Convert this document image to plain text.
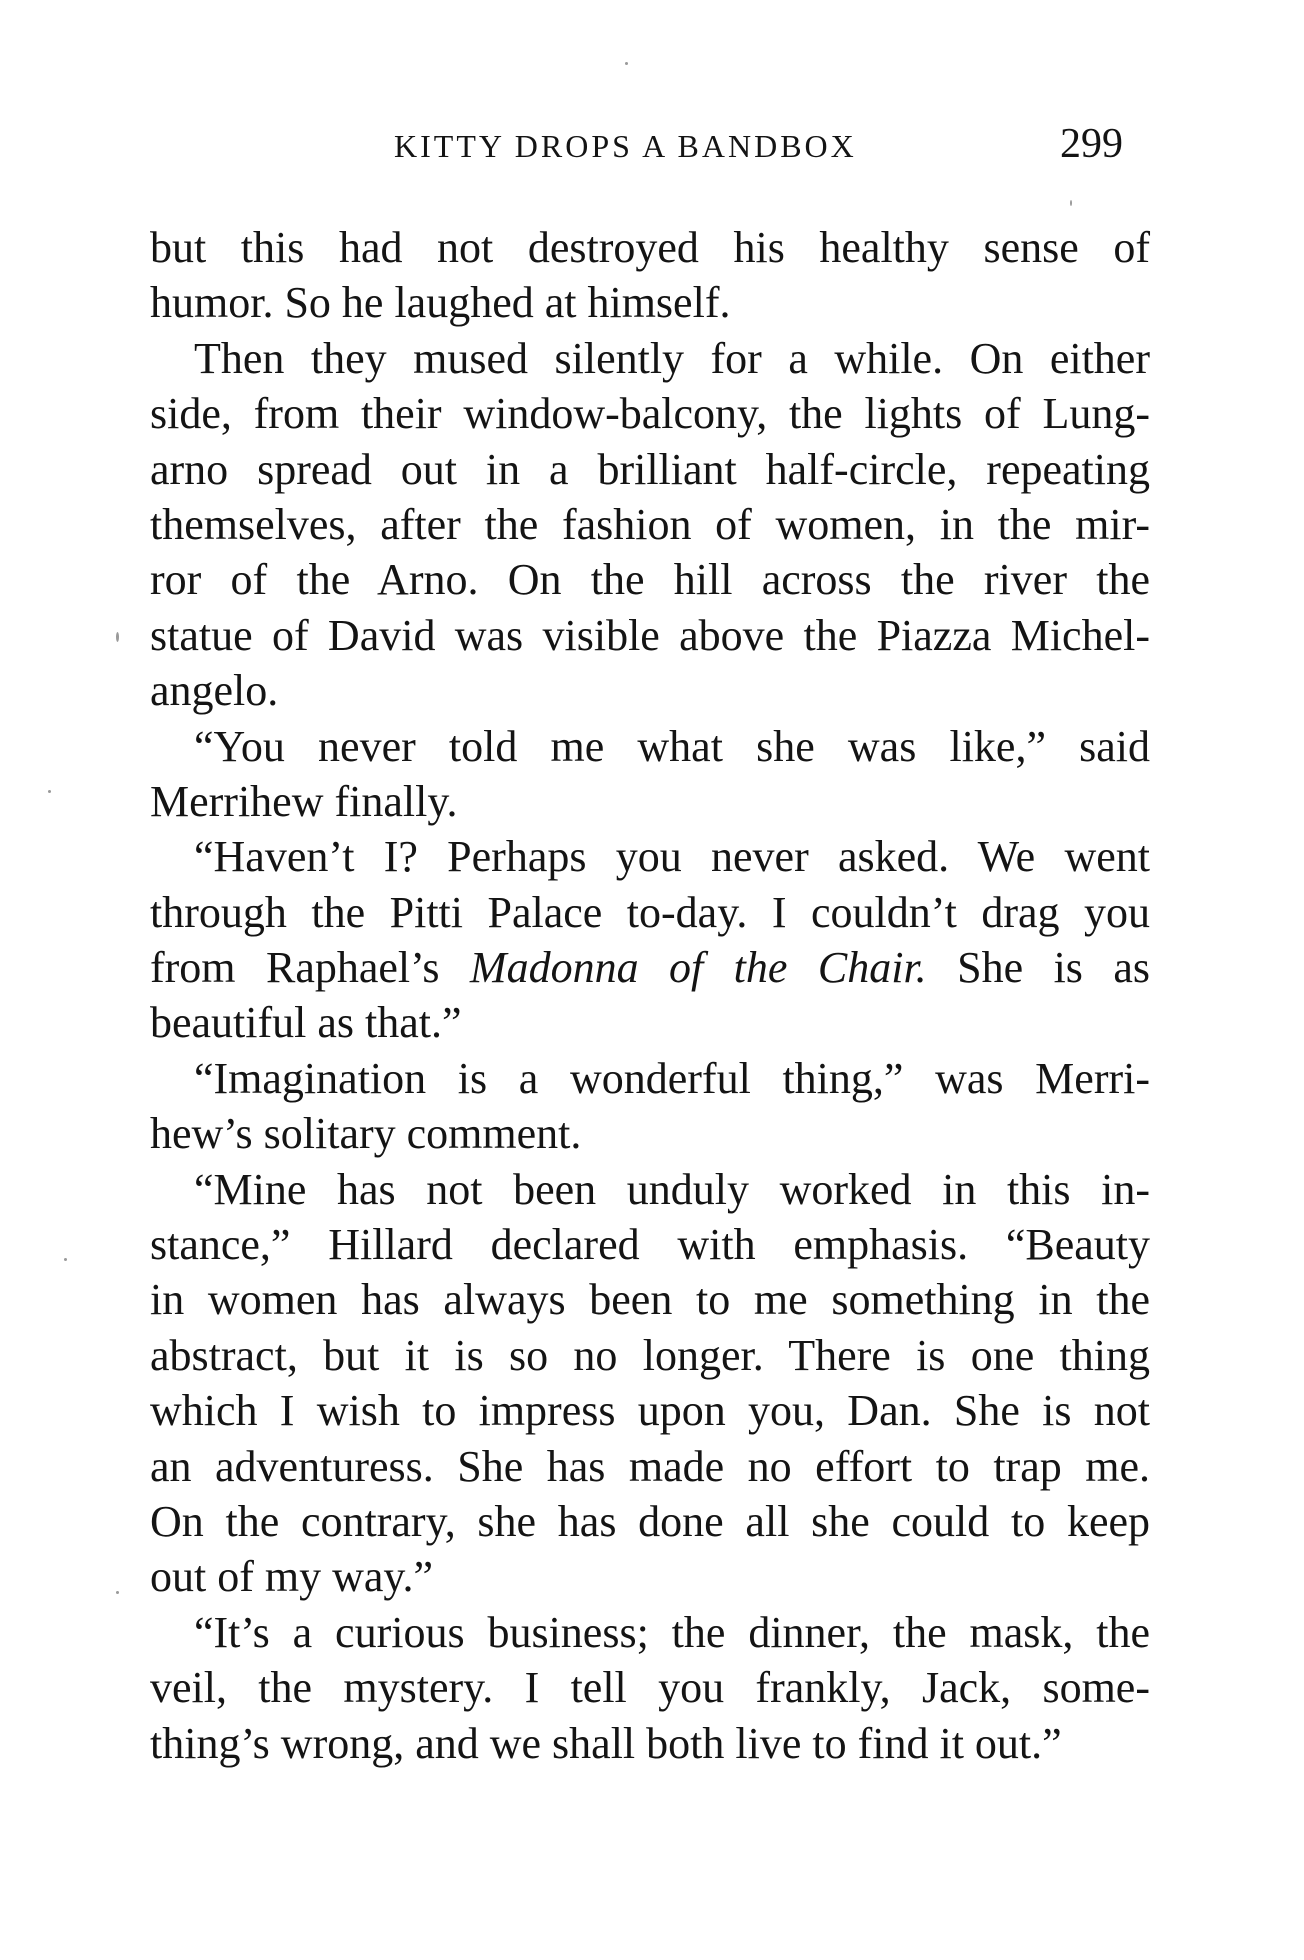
KITTY DROPS A BANDBOX	299
but this had not destroyed his healthy sense of
humor. So he laughed at himself.
Then they mused silently for a while. On either
side, from their window-balcony, the lights of Lung-
arno spread out in a brilliant half-circle, repeating
themselves, after the fashion of women, in the mir-
ror of the Arno. On the hill across the river the
statue of David was visible above the Piazza Michel-
angelo.
“You never told me what she was like,” said
Merrihew finally.
“Haven’t I? Perhaps you never asked. We went
through the Pitti Palace to-day. I couldn’t drag you
from Raphael’s Madonna of the Chair. She is as
beautiful as that.”
“Imagination is a wonderful thing,” was Merri-
hew’s solitary comment.
“Mine has not been unduly worked in this in-
stance,” Hillard declared with emphasis. “Beauty
in women has always been to me something in the
abstract, but it is so no longer. There is one thing
which I wish to impress upon you, Dan. She is not
an adventuress. She has made no effort to trap me.
On the contrary, she has done all she could to keep
out of my way.”
“It’s a curious business; the dinner, the mask, the
veil, the mystery. I tell you frankly, Jack, some-
thing’s wrong, and we shall both live to find it out.”
